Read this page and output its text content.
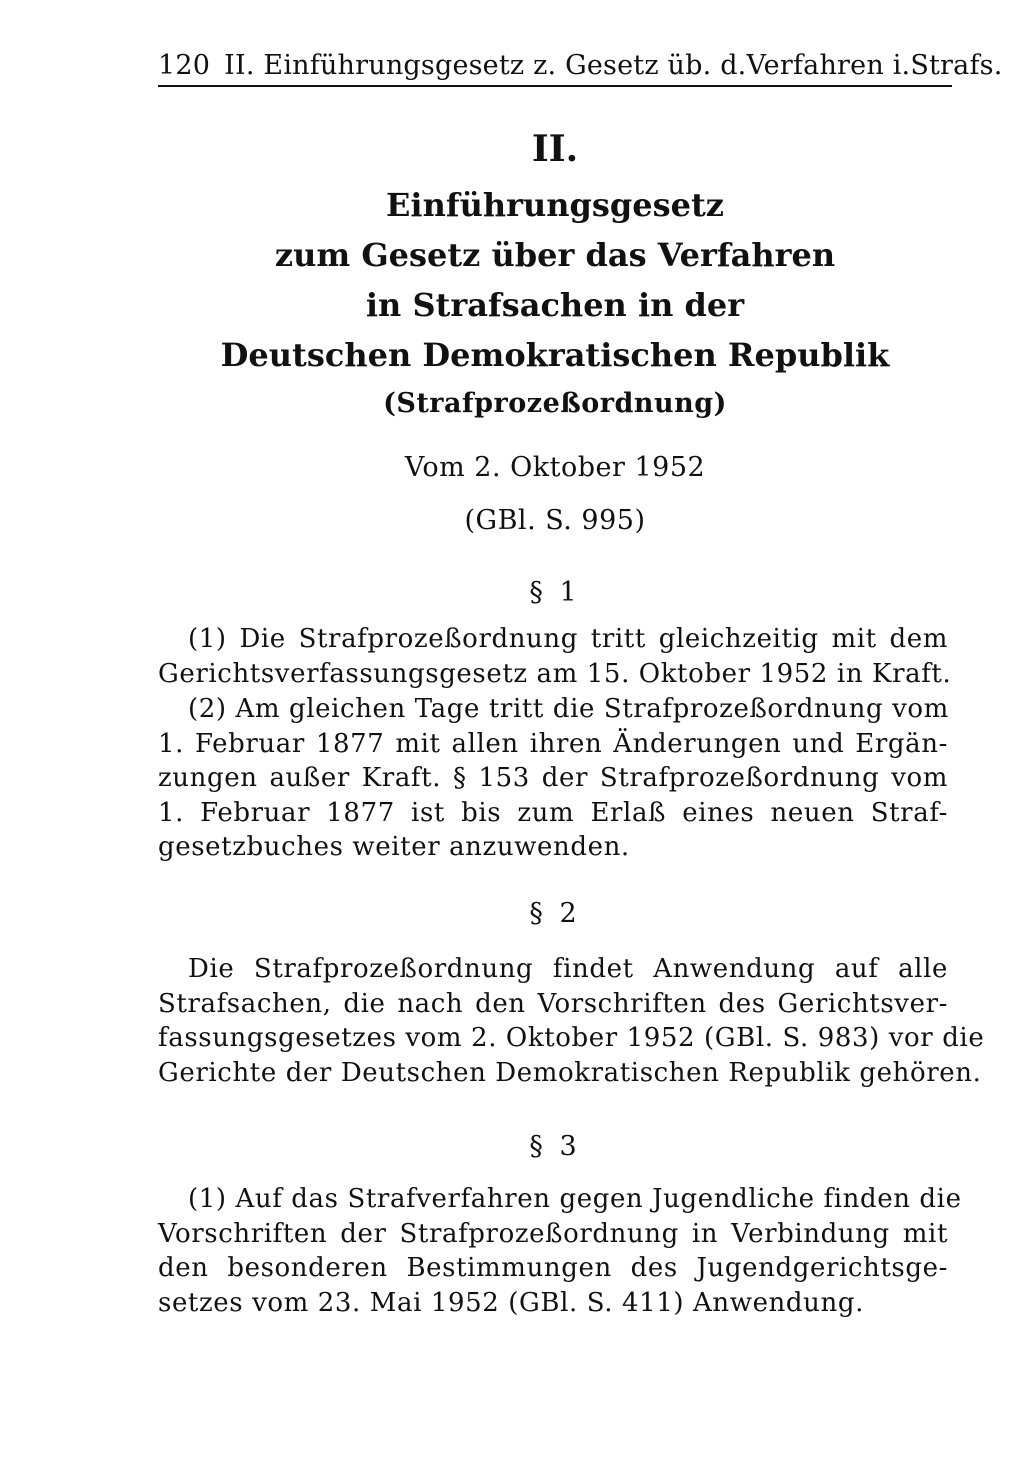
120 II. Einführungsgesetz z. Gesetz üb. d.Verfahren i.Strafs.
II.
Einführungsgesetz
zum Gesetz über das Verfahren
in Strafsachen in der
Deutschen Demokratischen Republik
(Strafprozeßordnung)
Vom 2. Oktober 1952
(GBl. S. 995)
§ 1
(1) Die Strafprozeßordnung tritt gleichzeitig mit dem
Gerichtsverfassungsgesetz am 15. Oktober 1952 in Kraft.
(2) Am gleichen Tage tritt die Strafprozeßordnung vom
1. Februar 1877 mit allen ihren Änderungen und Ergän-
zungen außer Kraft. § 153 der Strafprozeßordnung vom
1. Februar 1877 ist bis zum Erlaß eines neuen Straf-
gesetzbuches weiter anzuwenden.
§ 2
Die Strafprozeßordnung findet Anwendung auf alle
Strafsachen, die nach den Vorschriften des Gerichtsver-
fassungsgesetzes vom 2. Oktober 1952 (GBl. S. 983) vor die
Gerichte der Deutschen Demokratischen Republik gehören.
§ 3
(1) Auf das Strafverfahren gegen Jugendliche finden die
Vorschriften der Strafprozeßordnung in Verbindung mit
den besonderen Bestimmungen des Jugendgerichtsge-
setzes vom 23. Mai 1952 (GBl. S. 411) Anwendung.
